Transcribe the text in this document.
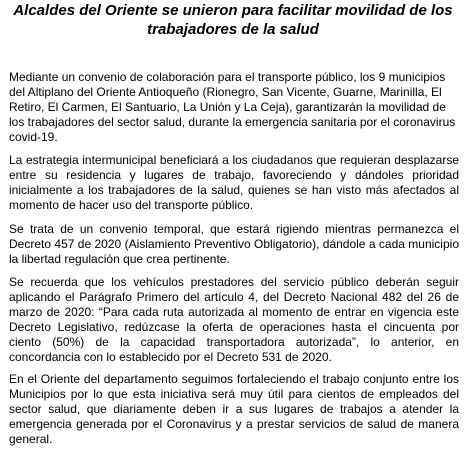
Alcaldes del Oriente se unieron para facilitar movilidad de los trabajadores de la salud

Mediante un convenio de colaboración para el transporte público, los 9 municipios del Altiplano del Oriente Antioqueño (Rionegro, San Vicente, Guarne, Marinilla, El Retiro, El Carmen, El Santuario, La Unión y La Ceja), garantizarán la movilidad de los trabajadores del sector salud, durante la emergencia sanitaria por el coronavirus covid-19.

La estrategia intermunicipal beneficiará a los ciudadanos que requieran desplazarse entre su residencia y lugares de trabajo, favoreciendo y dándoles prioridad inicialmente a los trabajadores de la salud, quienes se han visto más afectados al momento de hacer uso del transporte público.

Se trata de un convenio temporal, que estará rigiendo mientras permanezca el Decreto 457 de 2020 (Aislamiento Preventivo Obligatorio), dándole a cada municipio la libertad regulación que crea pertinente.

Se recuerda que los vehículos prestadores del servicio público deberán seguir aplicando el Parágrafo Primero del artículo 4, del Decreto Nacional 482 del 26 de marzo de 2020: “Para cada ruta autorizada al momento de entrar en vigencia este Decreto Legislativo, redúzcase la oferta de operaciones hasta el cincuenta por ciento (50%) de la capacidad transportadora autorizada”, lo anterior, en concordancia con lo establecido por el Decreto 531 de 2020.

En el Oriente del departamento seguimos fortaleciendo el trabajo conjunto entre los Municipios por lo que esta iniciativa será muy útil para cientos de empleados del sector salud, que diariamente deben ir a sus lugares de trabajos a atender la emergencia generada por el Coronavirus y a prestar servicios de salud de manera general.
